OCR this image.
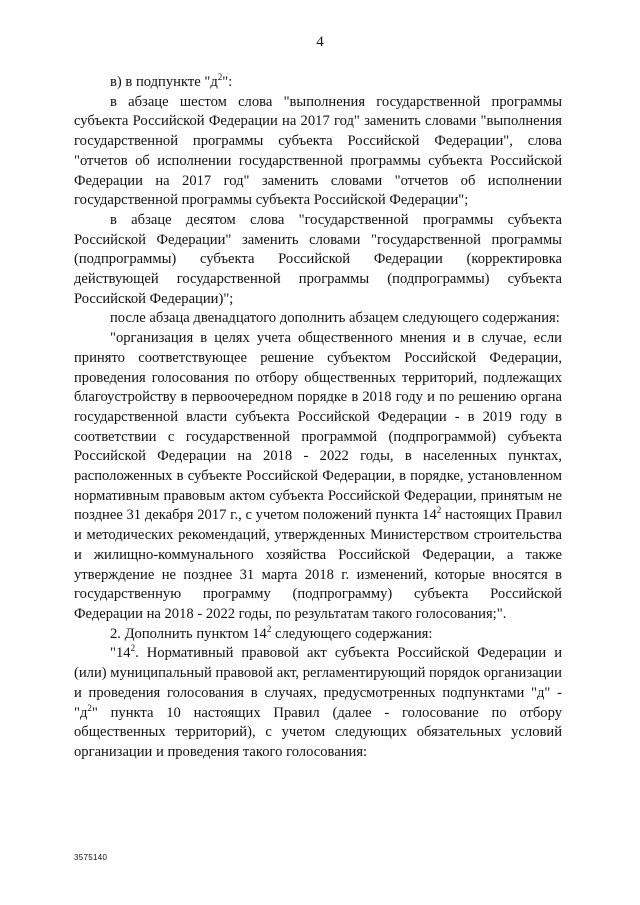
4

в) в подпункте "$д^2$":

в абзаце шестом слова "выполнения государственной программы субъекта Российской Федерации на 2017 год" заменить словами "выполнения государственной программы субъекта Российской Федерации", слова "отчетов об исполнении государственной программы субъекта Российской Федерации на 2017 год" заменить словами "отчетов об исполнении государственной программы субъекта Российской Федерации";

в абзаце десятом слова "государственной программы субъекта Российской Федерации" заменить словами "государственной программы (подпрограммы) субъекта Российской Федерации (корректировка действующей государственной программы (подпрограммы) субъекта Российской Федерации)";

после абзаца двенадцатого дополнить абзацем следующего содержания:

"организация в целях учета общественного мнения и в случае, если принято соответствующее решение субъектом Российской Федерации, проведения голосования по отбору общественных территорий, подлежащих благоустройству в первоочередном порядке в 2018 году и по решению органа государственной власти субъекта Российской Федерации - в 2019 году в соответствии с государственной программой (подпрограммой) субъекта Российской Федерации на 2018 - 2022 годы, в населенных пунктах, расположенных в субъекте Российской Федерации, в порядке, установленном нормативным правовым актом субъекта Российской Федерации, принятым не позднее 31 декабря 2017 г., с учетом положений пункта $14^2$ настоящих Правил и методических рекомендаций, утвержденных Министерством строительства и жилищно-коммунального хозяйства Российской Федерации, а также утверждение не позднее 31 марта 2018 г. изменений, которые вносятся в государственную программу (подпрограмму) субъекта Российской Федерации на 2018 - 2022 годы, по результатам такого голосования;".

2. Дополнить пунктом $14^2$ следующего содержания:

"$14^2$. Нормативный правовой акт субъекта Российской Федерации и (или) муниципальный правовой акт, регламентирующий порядок организации и проведения голосования в случаях, предусмотренных подпунктами "д" - "$д^2$" пункта 10 настоящих Правил (далее - голосование по отбору общественных территорий), с учетом следующих обязательных условий организации и проведения такого голосования:

3575140
